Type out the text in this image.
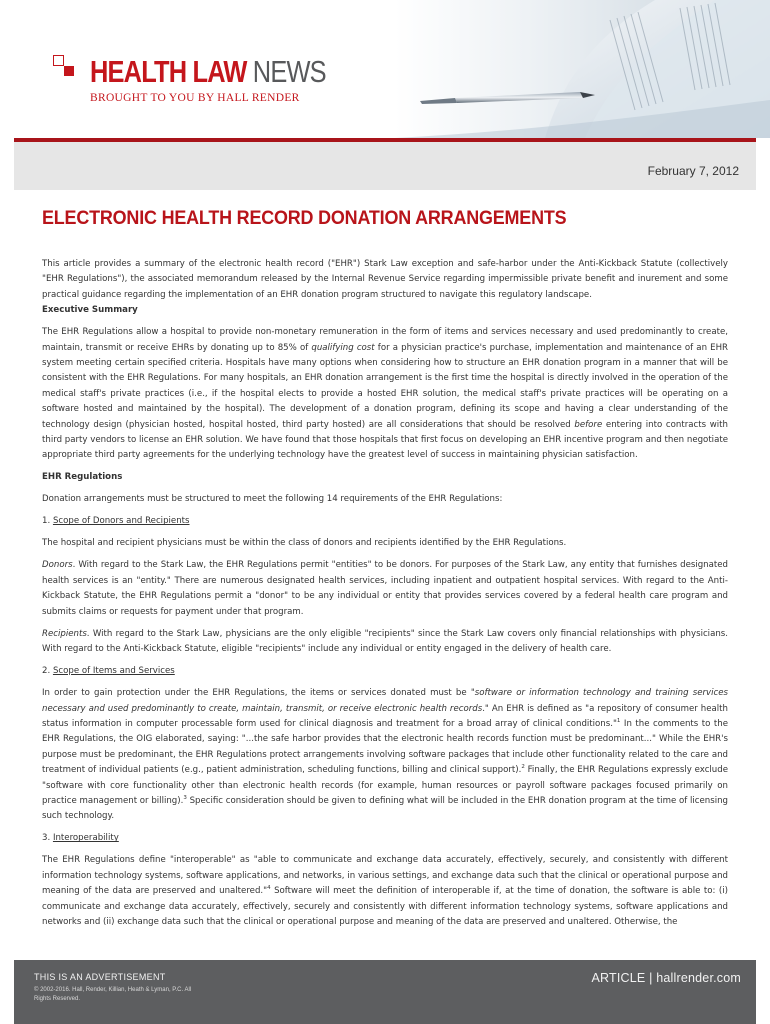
HEALTH LAW NEWS
BROUGHT TO YOU BY HALL RENDER
February 7, 2012
ELECTRONIC HEALTH RECORD DONATION ARRANGEMENTS

This article provides a summary of the electronic health record ("EHR") Stark Law exception and safe-harbor under the Anti-Kickback Statute (collectively "EHR Regulations"), the associated memorandum released by the Internal Revenue Service regarding impermissible private benefit and inurement and some practical guidance regarding the implementation of an EHR donation program structured to navigate this regulatory landscape.

Executive Summary

The EHR Regulations allow a hospital to provide non-monetary remuneration in the form of items and services necessary and used predominantly to create, maintain, transmit or receive EHRs by donating up to 85% of qualifying cost for a physician practice's purchase, implementation and maintenance of an EHR system meeting certain specified criteria. Hospitals have many options when considering how to structure an EHR donation program in a manner that will be consistent with the EHR Regulations. For many hospitals, an EHR donation arrangement is the first time the hospital is directly involved in the operation of the medical staff's private practices (i.e., if the hospital elects to provide a hosted EHR solution, the medical staff's private practices will be operating on a software hosted and maintained by the hospital). The development of a donation program, defining its scope and having a clear understanding of the technology design (physician hosted, hospital hosted, third party hosted) are all considerations that should be resolved before entering into contracts with third party vendors to license an EHR solution. We have found that those hospitals that first focus on developing an EHR incentive program and then negotiate appropriate third party agreements for the underlying technology have the greatest level of success in maintaining physician satisfaction.

EHR Regulations

Donation arrangements must be structured to meet the following 14 requirements of the EHR Regulations:

1. Scope of Donors and Recipients

The hospital and recipient physicians must be within the class of donors and recipients identified by the EHR Regulations.

Donors. With regard to the Stark Law, the EHR Regulations permit "entities" to be donors. For purposes of the Stark Law, any entity that furnishes designated health services is an "entity." There are numerous designated health services, including inpatient and outpatient hospital services. With regard to the Anti-Kickback Statute, the EHR Regulations permit a "donor" to be any individual or entity that provides services covered by a federal health care program and submits claims or requests for payment under that program.

Recipients. With regard to the Stark Law, physicians are the only eligible "recipients" since the Stark Law covers only financial relationships with physicians. With regard to the Anti-Kickback Statute, eligible "recipients" include any individual or entity engaged in the delivery of health care.

2. Scope of Items and Services

In order to gain protection under the EHR Regulations, the items or services donated must be "software or information technology and training services necessary and used predominantly to create, maintain, transmit, or receive electronic health records." An EHR is defined as "a repository of consumer health status information in computer processable form used for clinical diagnosis and treatment for a broad array of clinical conditions."$^1$ In the comments to the EHR Regulations, the OIG elaborated, saying: "...the safe harbor provides that the electronic health records function must be predominant..." While the EHR's purpose must be predominant, the EHR Regulations protect arrangements involving software packages that include other functionality related to the care and treatment of individual patients (e.g., patient administration, scheduling functions, billing and clinical support).$^2$ Finally, the EHR Regulations expressly exclude "software with core functionality other than electronic health records (for example, human resources or payroll software packages focused primarily on practice management or billing).$^3$ Specific consideration should be given to defining what will be included in the EHR donation program at the time of licensing such technology.

3. Interoperability

The EHR Regulations define "interoperable" as "able to communicate and exchange data accurately, effectively, securely, and consistently with different information technology systems, software applications, and networks, in various settings, and exchange data such that the clinical or operational purpose and meaning of the data are preserved and unaltered."$^4$ Software will meet the definition of interoperable if, at the time of donation, the software is able to: (i) communicate and exchange data accurately, effectively, securely and consistently with different information technology systems, software applications and networks and (ii) exchange data such that the clinical or operational purpose and meaning of the data are preserved and unaltered. Otherwise, the

THIS IS AN ADVERTISEMENT
© 2002-2016. Hall, Render, Killian, Heath & Lyman, P.C. All Rights Reserved.
ARTICLE | hallrender.com
